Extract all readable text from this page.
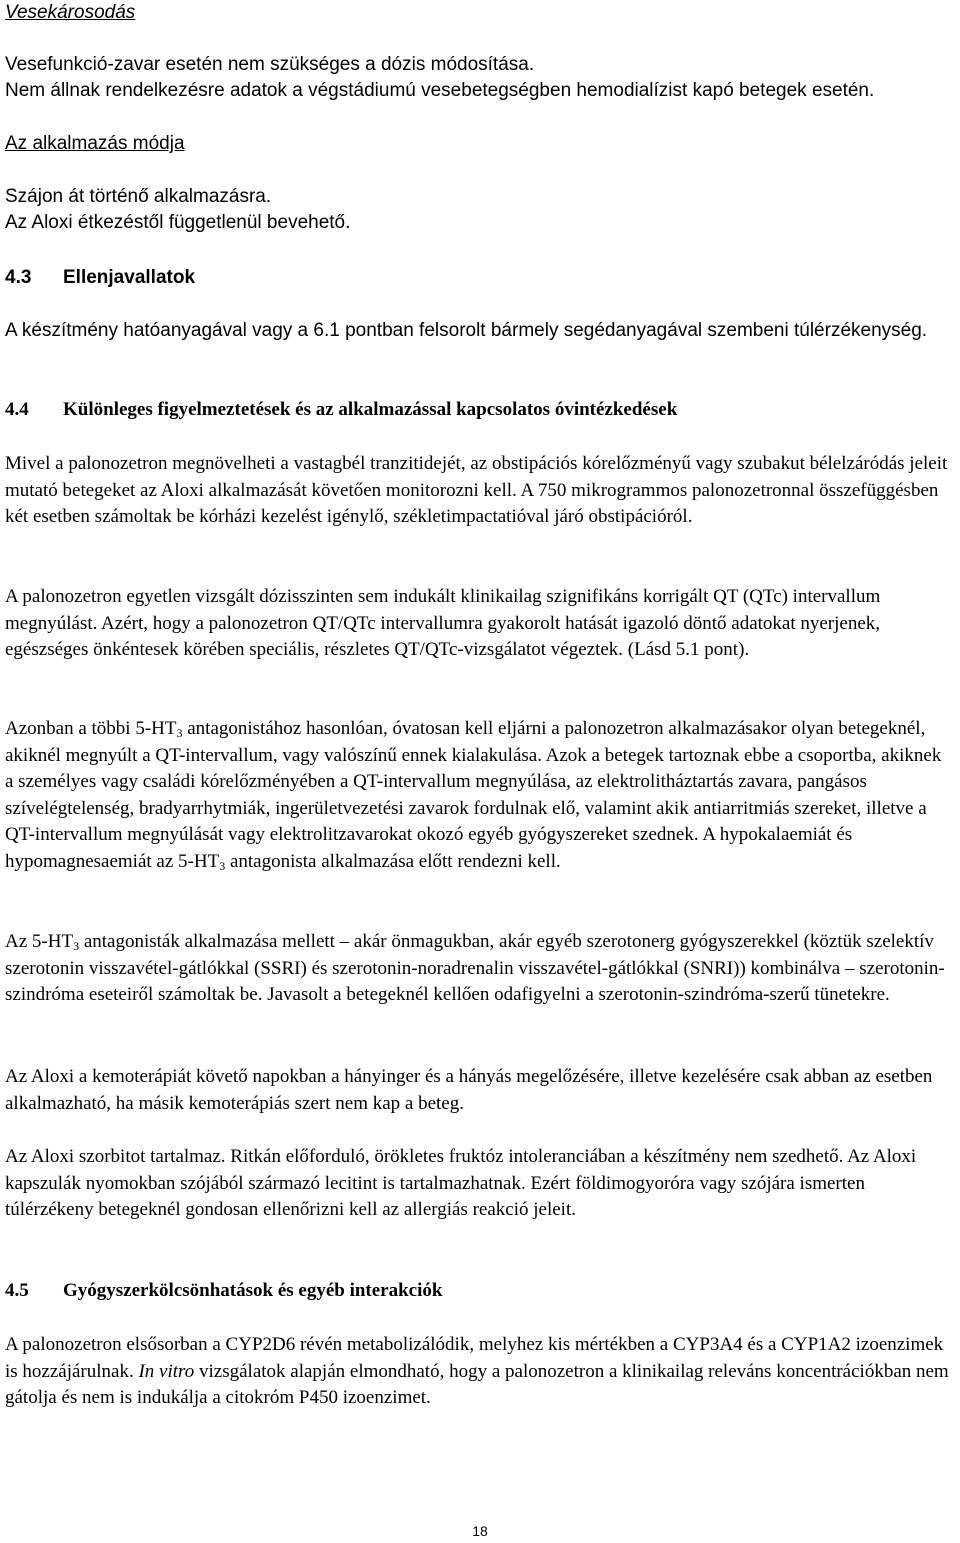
Vesekárosodás
Vesefunkció-zavar esetén nem szükséges a dózis módosítása.
Nem állnak rendelkezésre adatok a végstádiumú vesebetegségben hemodialízist kapó betegek esetén.
Az alkalmazás módja
Szájon át történő alkalmazásra.
Az Aloxi étkezéstől függetlenül bevehető.
4.3 Ellenjavallatok
A készítmény hatóanyagával vagy a 6.1 pontban felsorolt bármely segédanyagával szembeni túlérzékenység.
4.4 Különleges figyelmeztetések és az alkalmazással kapcsolatos óvintézkedések
Mivel a palonozetron megnövelheti a vastagbél tranzitidejét, az obstipációs kórelőzményű vagy szubakut bélelzáródás jeleit mutató betegeket az Aloxi alkalmazását követően monitorozni kell. A 750 mikrogrammos palonozetronnal összefüggésben két esetben számoltak be kórházi kezelést igénylő, székletimpactatióval járó obstipációról.
A palonozetron egyetlen vizsgált dózisszinten sem indukált klinikailag szignifikáns korrigált QT (QTc) intervallum megnyúlást. Azért, hogy a palonozetron QT/QTc intervallumra gyakorolt hatását igazoló döntő adatokat nyerjenek, egészséges önkéntesek körében speciális, részletes QT/QTc-vizsgálatot végeztek. (Lásd 5.1 pont).
Azonban a többi $5-HT_3$ antagonistához hasonlóan, óvatosan kell eljárni a palonozetron alkalmazásakor olyan betegeknél, akiknél megnyúlt a QT-intervallum, vagy valószínű ennek kialakulása. Azok a betegek tartoznak ebbe a csoportba, akiknek a személyes vagy családi kórelőzményében a QT-intervallum megnyúlása, az elektrolitháztartás zavara, pangásos szívelégtelenség, bradyarrhytmiák, ingerületvezetési zavarok fordulnak elő, valamint akik antiarritmiás szereket, illetve a QT-intervallum megnyúlását vagy elektrolitzavarokat okozó egyéb gyógyszereket szednek. A hypokalaemiát és hypomagnesaemiát az $5-HT_3$ antagonista alkalmazása előtt rendezni kell.
Az $5-HT_3$ antagonisták alkalmazása mellett – akár önmagukban, akár egyéb szerotonerg gyógyszerekkel (köztük szelektív szerotonin visszavétel-gátlókkal (SSRI) és szerotonin-noradrenalin visszavétel-gátlókkal (SNRI)) kombinálva – szerotonin-szindróma eseteiről számoltak be. Javasolt a betegeknél kellően odafigyelni a szerotonin-szindróma-szerű tünetekre.
Az Aloxi a kemoterápiát követő napokban a hányinger és a hányás megelőzésére, illetve kezelésére csak abban az esetben alkalmazható, ha másik kemoterápiás szert nem kap a beteg.
Az Aloxi szorbitot tartalmaz. Ritkán előforduló, örökletes fruktóz intoleranciában a készítmény nem szedhető. Az Aloxi kapszulák nyomokban szójából származó lecitint is tartalmazhatnak. Ezért földimogyoróra vagy szójára ismerten túlérzékeny betegeknél gondosan ellenőrizni kell az allergiás reakció jeleit.
4.5 Gyógyszerkölcsönhatások és egyéb interakciók
A palonozetron elsősorban a CYP2D6 révén metabolizálódik, melyhez kis mértékben a CYP3A4 és a CYP1A2 izoenzimek is hozzájárulnak. In vitro vizsgálatok alapján elmondható, hogy a palonozetron a klinikailag releváns koncentrációkban nem gátolja és nem is indukálja a citokróm P450 izoenzimet.
18
